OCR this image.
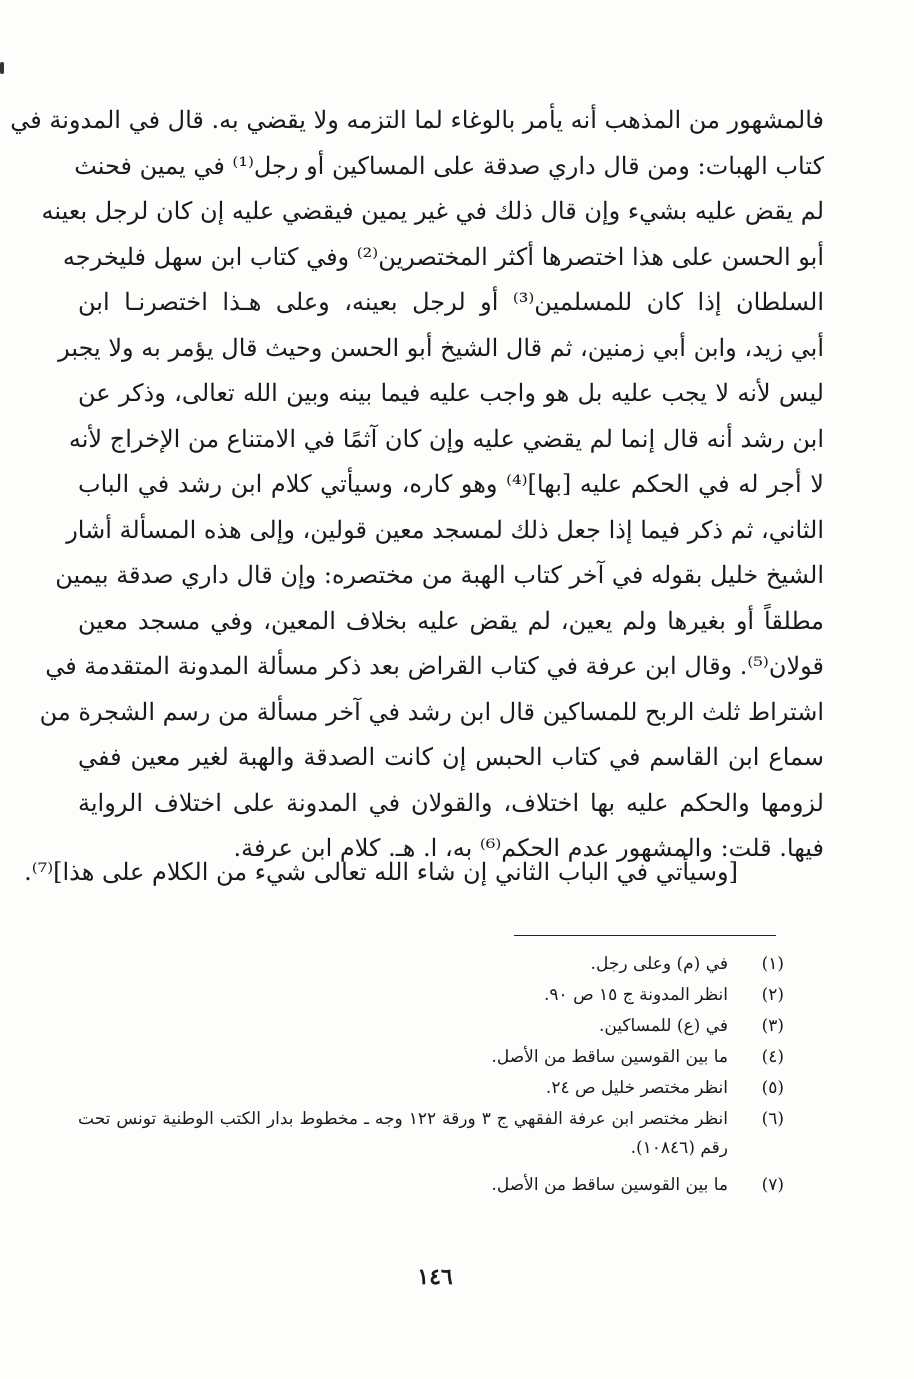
فالمشهور من المذهب أنه يأمر بالوغاء لما التزمه ولا يقضي به. قال في المدونة في
كتاب الهبات: ومن قال داري صدقة على المساكين أو رجل⁽¹⁾ في يمين فحنث
لم يقض عليه بشيء وإن قال ذلك في غير يمين فيقضي عليه إن كان لرجل بعينه
أبو الحسن على هذا اختصرها أكثر المختصرين⁽²⁾ وفي كتاب ابن سهل فليخرجه
السلطان إذا كان للمسلمين⁽³⁾ أو لرجل بعينه، وعلى هـذا اختصرنـا ابن
أبي زيد، وابن أبي زمنين، ثم قال الشيخ أبو الحسن وحيث قال يؤمر به ولا يجبر
ليس لأنه لا يجب عليه بل هو واجب عليه فيما بينه وبين الله تعالى، وذكر عن
ابن رشد أنه قال إنما لم يقضي عليه وإن كان آثمًا في الامتناع من الإخراج لأنه
لا أجر له في الحكم عليه [بها]⁽⁴⁾ وهو كاره، وسيأتي كلام ابن رشد في الباب
الثاني، ثم ذكر فيما إذا جعل ذلك لمسجد معين قولين، وإلى هذه المسألة أشار
الشيخ خليل بقوله في آخر كتاب الهبة من مختصره: وإن قال داري صدقة بيمين
مطلقاً أو بغيرها ولم يعين، لم يقض عليه بخلاف المعين، وفي مسجد معين
قولان⁽⁵⁾. وقال ابن عرفة في كتاب القراض بعد ذكر مسألة المدونة المتقدمة في
اشتراط ثلث الربح للمساكين قال ابن رشد في آخر مسألة من رسم الشجرة من
سماع ابن القاسم في كتاب الحبس إن كانت الصدقة والهبة لغير معين ففي
لزومها والحكم عليه بها اختلاف، والقولان في المدونة على اختلاف الرواية
فيها. قلت: والمشهور عدم الحكم⁽⁶⁾ به، ا. هـ. كلام ابن عرفة.
[وسيأتي في الباب الثاني إن شاء الله تعالى شيء من الكلام على هذا]⁽⁷⁾.
(١)
في (م) وعلى رجل.
(٢)
انظر المدونة ج ١٥ ص ٩٠.
(٣)
في (ع) للمساكين.
(٤)
ما بين القوسين ساقط من الأصل.
(٥)
انظر مختصر خليل ص ٢٤.
(٦)
انظر مختصر ابن عرفة الفقهي ج ٣ ورقة ١٢٢ وجه ـ مخطوط بدار الكتب الوطنية تونس تحت رقم (١٠٨٤٦).
(٧)
ما بين القوسين ساقط من الأصل.
١٤٦
